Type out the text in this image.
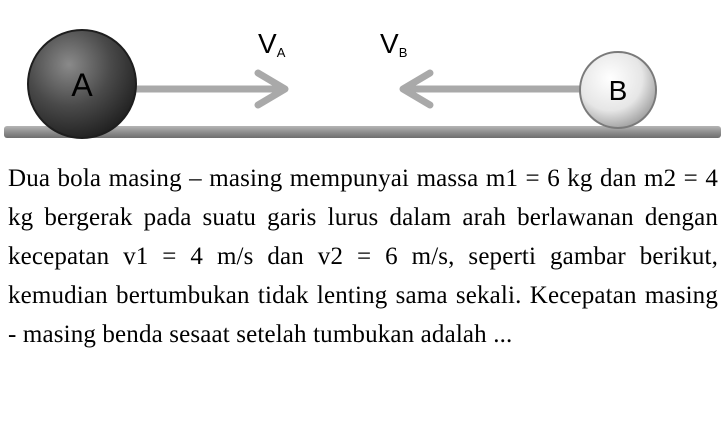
A	B
VA	VB

Dua bola masing – masing mempunyai massa m1 = 6 kg dan m2 = 4 kg bergerak pada suatu garis lurus dalam arah berlawanan dengan kecepatan v1 = 4 m/s dan v2 = 6 m/s, seperti gambar berikut, kemudian bertumbukan tidak lenting sama sekali. Kecepatan masing - masing benda sesaat setelah tumbukan adalah ...
